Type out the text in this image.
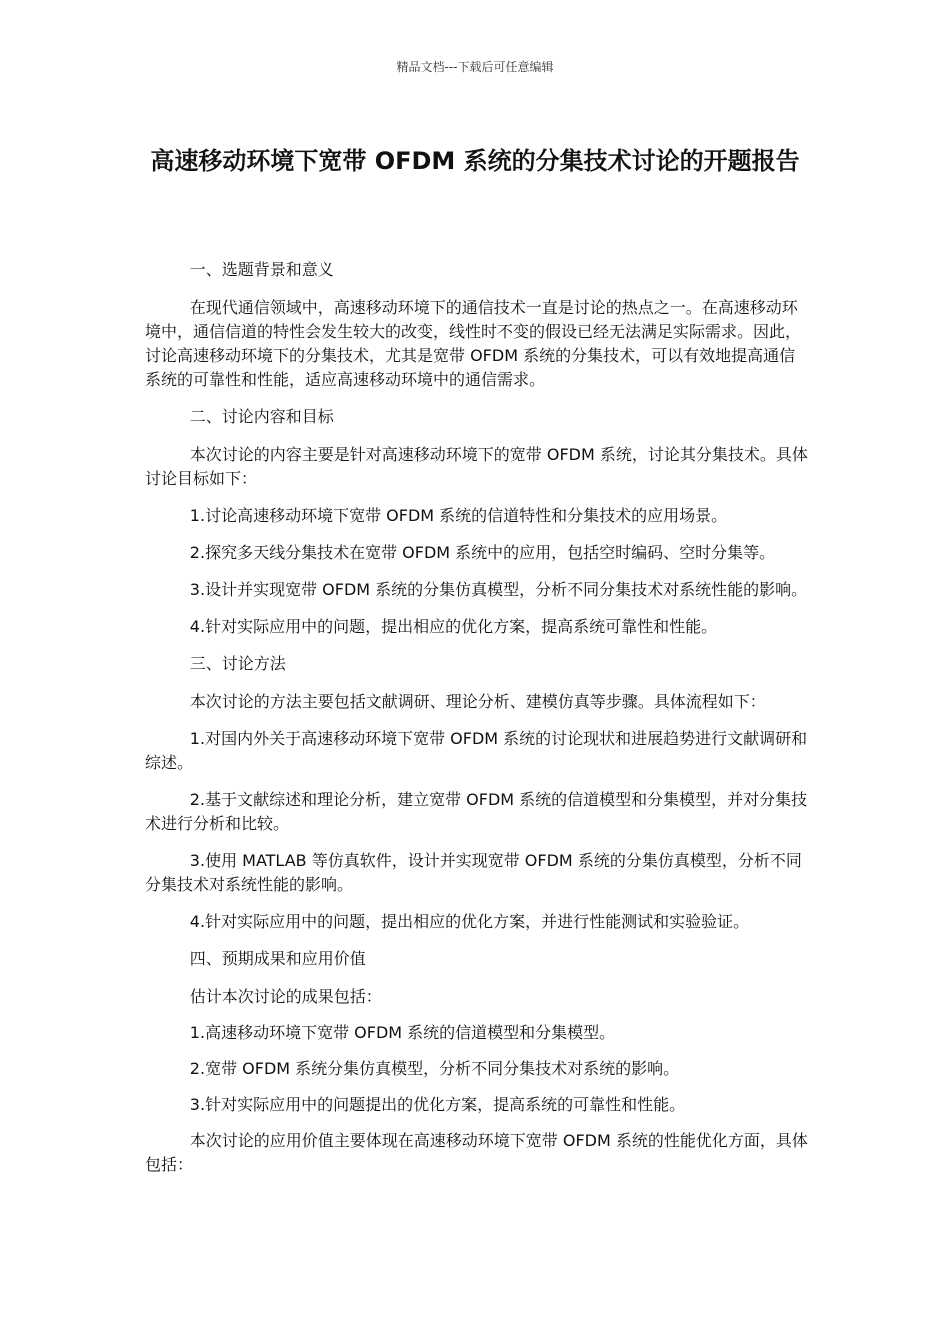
精品文档---下载后可任意编辑
高速移动环境下宽带 OFDM 系统的分集技术讨论的开题报告

一、选题背景和意义

在现代通信领域中，高速移动环境下的通信技术一直是讨论的热点之一。在高速移动环境中，通信信道的特性会发生较大的改变，线性时不变的假设已经无法满足实际需求。因此，讨论高速移动环境下的分集技术，尤其是宽带 OFDM 系统的分集技术，可以有效地提高通信系统的可靠性和性能，适应高速移动环境中的通信需求。

二、讨论内容和目标

本次讨论的内容主要是针对高速移动环境下的宽带 OFDM 系统，讨论其分集技术。具体讨论目标如下：

1.讨论高速移动环境下宽带 OFDM 系统的信道特性和分集技术的应用场景。

2.探究多天线分集技术在宽带 OFDM 系统中的应用，包括空时编码、空时分集等。

3.设计并实现宽带 OFDM 系统的分集仿真模型，分析不同分集技术对系统性能的影响。

4.针对实际应用中的问题，提出相应的优化方案，提高系统可靠性和性能。

三、讨论方法

本次讨论的方法主要包括文献调研、理论分析、建模仿真等步骤。具体流程如下：

1.对国内外关于高速移动环境下宽带 OFDM 系统的讨论现状和进展趋势进行文献调研和综述。

2.基于文献综述和理论分析，建立宽带 OFDM 系统的信道模型和分集模型，并对分集技术进行分析和比较。

3.使用 MATLAB 等仿真软件，设计并实现宽带 OFDM 系统的分集仿真模型，分析不同分集技术对系统性能的影响。

4.针对实际应用中的问题，提出相应的优化方案，并进行性能测试和实验验证。

四、预期成果和应用价值

估计本次讨论的成果包括：

1.高速移动环境下宽带 OFDM 系统的信道模型和分集模型。

2.宽带 OFDM 系统分集仿真模型，分析不同分集技术对系统的影响。

3.针对实际应用中的问题提出的优化方案，提高系统的可靠性和性能。

本次讨论的应用价值主要体现在高速移动环境下宽带 OFDM 系统的性能优化方面，具体包括：
